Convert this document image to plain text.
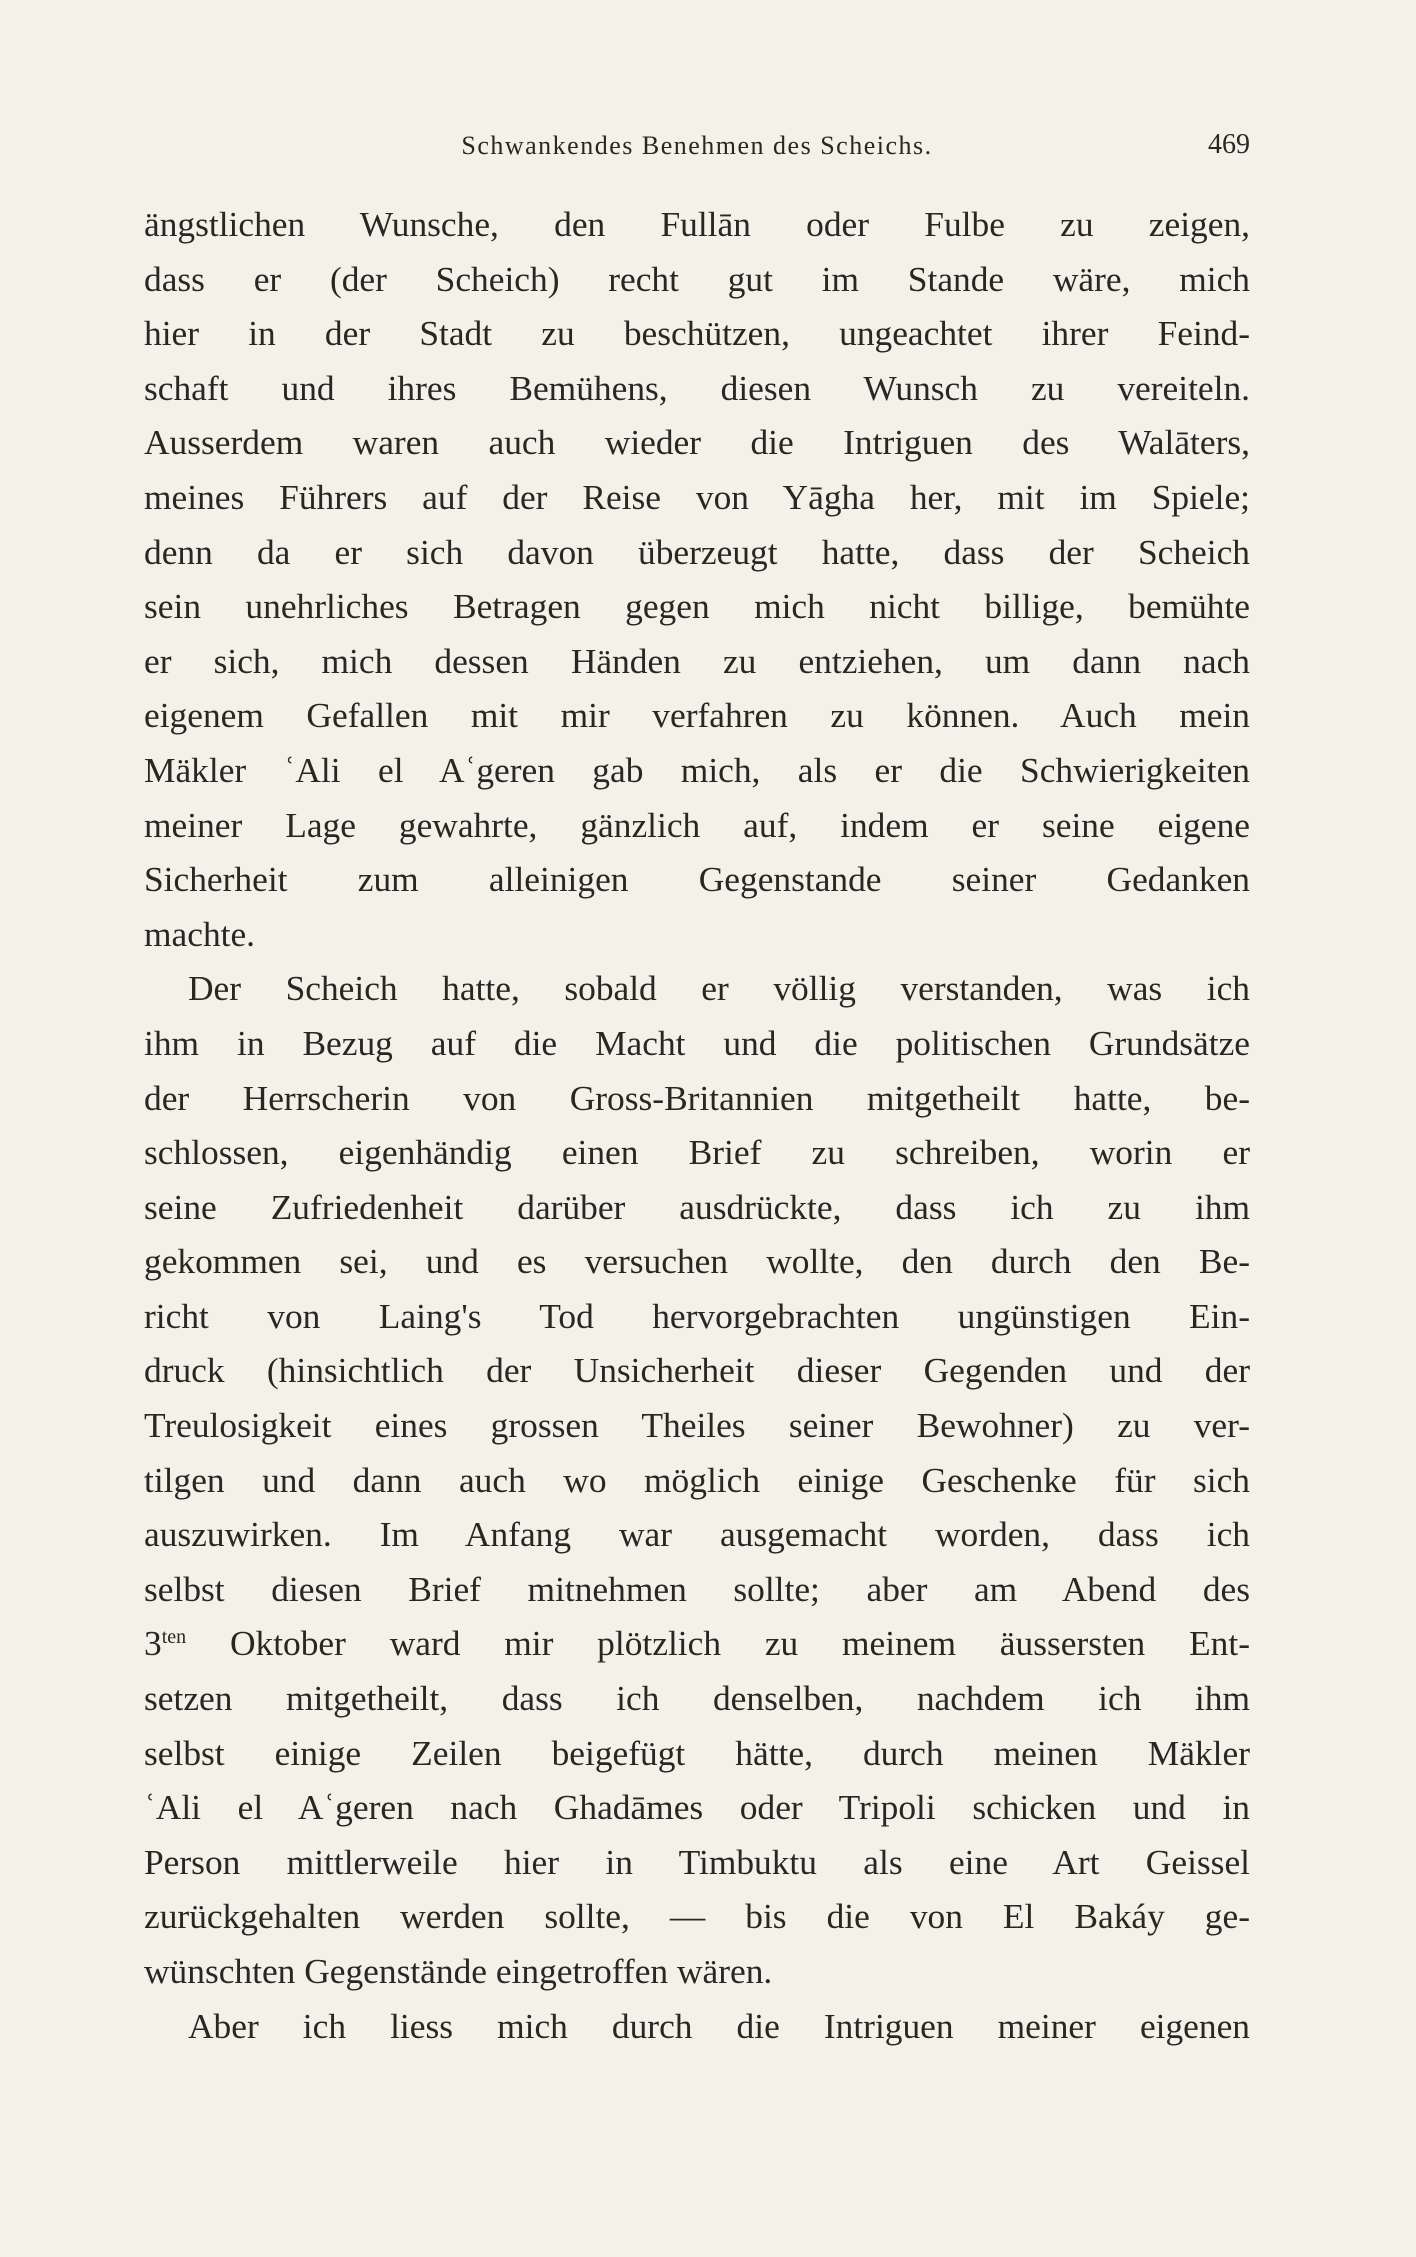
Schwankendes Benehmen des Scheichs.	469
ängstlichen Wunsche, den Fullān oder Fulbe zu zeigen,
dass er (der Scheich) recht gut im Stande wäre, mich
hier in der Stadt zu beschützen, ungeachtet ihrer Feind-
schaft und ihres Bemühens, diesen Wunsch zu vereiteln.
Ausserdem waren auch wieder die Intriguen des Walāters,
meines Führers auf der Reise von Yāgha her, mit im Spiele;
denn da er sich davon überzeugt hatte, dass der Scheich
sein unehrliches Betragen gegen mich nicht billige, bemühte
er sich, mich dessen Händen zu entziehen, um dann nach
eigenem Gefallen mit mir verfahren zu können. Auch mein
Mäkler ʿAli el Aʿgeren gab mich, als er die Schwierigkeiten
meiner Lage gewahrte, gänzlich auf, indem er seine eigene
Sicherheit zum alleinigen Gegenstande seiner Gedanken
machte.
Der Scheich hatte, sobald er völlig verstanden, was ich
ihm in Bezug auf die Macht und die politischen Grundsätze
der Herrscherin von Gross-Britannien mitgetheilt hatte, be-
schlossen, eigenhändig einen Brief zu schreiben, worin er
seine Zufriedenheit darüber ausdrückte, dass ich zu ihm
gekommen sei, und es versuchen wollte, den durch den Be-
richt von Laing's Tod hervorgebrachten ungünstigen Ein-
druck (hinsichtlich der Unsicherheit dieser Gegenden und der
Treulosigkeit eines grossen Theiles seiner Bewohner) zu ver-
tilgen und dann auch wo möglich einige Geschenke für sich
auszuwirken. Im Anfang war ausgemacht worden, dass ich
selbst diesen Brief mitnehmen sollte; aber am Abend des
$3^{ten}$ Oktober ward mir plötzlich zu meinem äussersten Ent-
setzen mitgetheilt, dass ich denselben, nachdem ich ihm
selbst einige Zeilen beigefügt hätte, durch meinen Mäkler
ʿAli el Aʿgeren nach Ghadāmes oder Tripoli schicken und in
Person mittlerweile hier in Timbuktu als eine Art Geissel
zurückgehalten werden sollte, — bis die von El Bakáy ge-
wünschten Gegenstände eingetroffen wären.
Aber ich liess mich durch die Intriguen meiner eigenen
